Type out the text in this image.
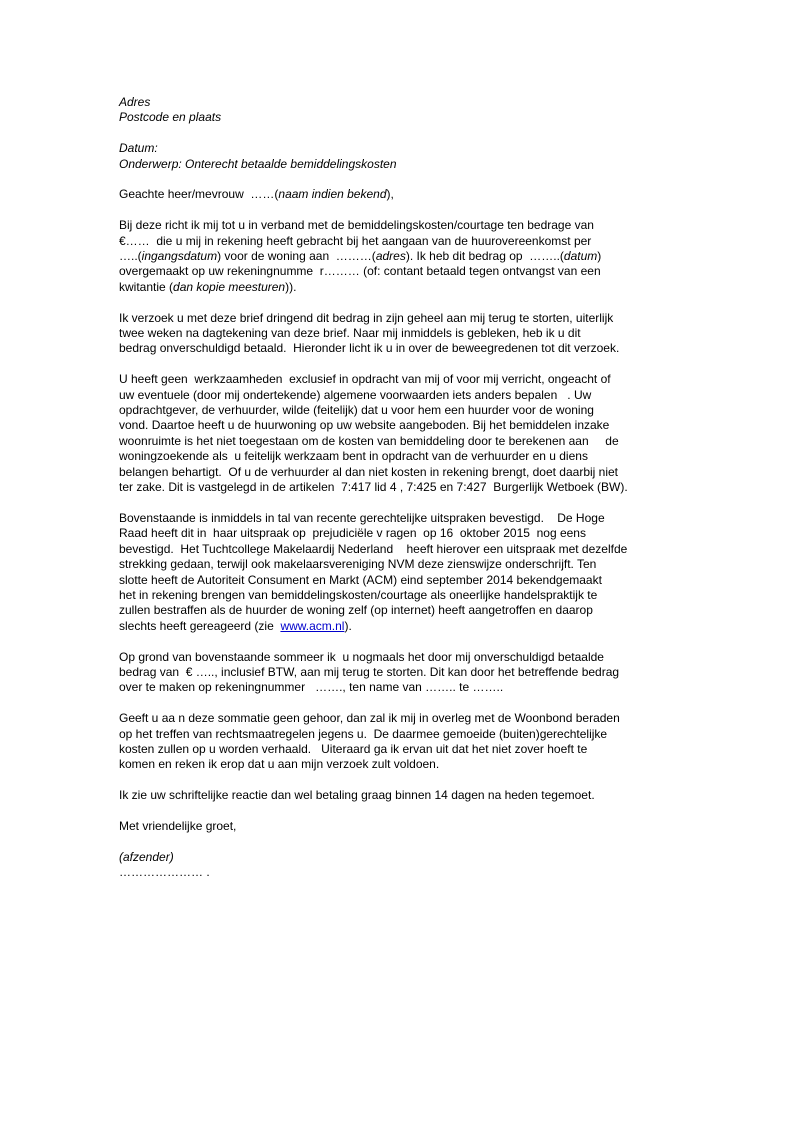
Adres
Postcode en plaats
Datum:
Onderwerp: Onterecht betaalde bemiddelingskosten
Geachte heer/mevrouw  ……(naam indien bekend),
Bij deze richt ik mij tot u in verband met de bemiddelingskosten/courtage ten bedrage van
€……  die u mij in rekening heeft gebracht bij het aangaan van de huurovereenkomst per
…..(ingangsdatum) voor de woning aan  ………(adres). Ik heb dit bedrag op  ……..(datum)
overgemaakt op uw rekeningnumme  r……… (of: contant betaald tegen ontvangst van een
kwitantie (dan kopie meesturen)).
Ik verzoek u met deze brief dringend dit bedrag in zijn geheel aan mij terug te storten, uiterlijk
twee weken na dagtekening van deze brief. Naar mij inmiddels is gebleken, heb ik u dit
bedrag onverschuldigd betaald.  Hieronder licht ik u in over de beweegredenen tot dit verzoek.
U heeft geen  werkzaamheden  exclusief in opdracht van mij of voor mij verricht, ongeacht of
uw eventuele (door mij ondertekende) algemene voorwaarden iets anders bepalen   . Uw
opdrachtgever, de verhuurder, wilde (feitelijk) dat u voor hem een huurder voor de woning
vond. Daartoe heeft u de huurwoning op uw website aangeboden. Bij het bemiddelen inzake
woonruimte is het niet toegestaan om de kosten van bemiddeling door te berekenen aan     de
woningzoekende als  u feitelijk werkzaam bent in opdracht van de verhuurder en u diens
belangen behartigt.  Of u de verhuurder al dan niet kosten in rekening brengt, doet daarbij niet
ter zake. Dit is vastgelegd in de artikelen  7:417 lid 4 , 7:425 en 7:427  Burgerlijk Wetboek (BW).
Bovenstaande is inmiddels in tal van recente gerechtelijke uitspraken bevestigd.    De Hoge
Raad heeft dit in  haar uitspraak op  prejudiciële v ragen  op 16  oktober 2015  nog eens
bevestigd.  Het Tuchtcollege Makelaardij Nederland    heeft hierover een uitspraak met dezelfde
strekking gedaan, terwijl ook makelaarsvereniging NVM deze zienswijze onderschrijft. Ten
slotte heeft de Autoriteit Consument en Markt (ACM) eind september 2014 bekendgemaakt
het in rekening brengen van bemiddelingskosten/courtage als oneerlijke handelspraktijk te
zullen bestraffen als de huurder de woning zelf (op internet) heeft aangetroffen en daarop
slechts heeft gereageerd (zie  www.acm.nl).
Op grond van bovenstaande sommeer ik  u nogmaals het door mij onverschuldigd betaalde
bedrag van  € ….., inclusief BTW, aan mij terug te storten. Dit kan door het betreffende bedrag
over te maken op rekeningnummer   ……., ten name van …….. te ……..
Geeft u aa n deze sommatie geen gehoor, dan zal ik mij in overleg met de Woonbond beraden
op het treffen van rechtsmaatregelen jegens u.  De daarmee gemoeide (buiten)gerechtelijke
kosten zullen op u worden verhaald.   Uiteraard ga ik ervan uit dat het niet zover hoeft te
komen en reken ik erop dat u aan mijn verzoek zult voldoen.
Ik zie uw schriftelijke reactie dan wel betaling graag binnen 14 dagen na heden tegemoet.
Met vriendelijke groet,
(afzender)
………………… .
